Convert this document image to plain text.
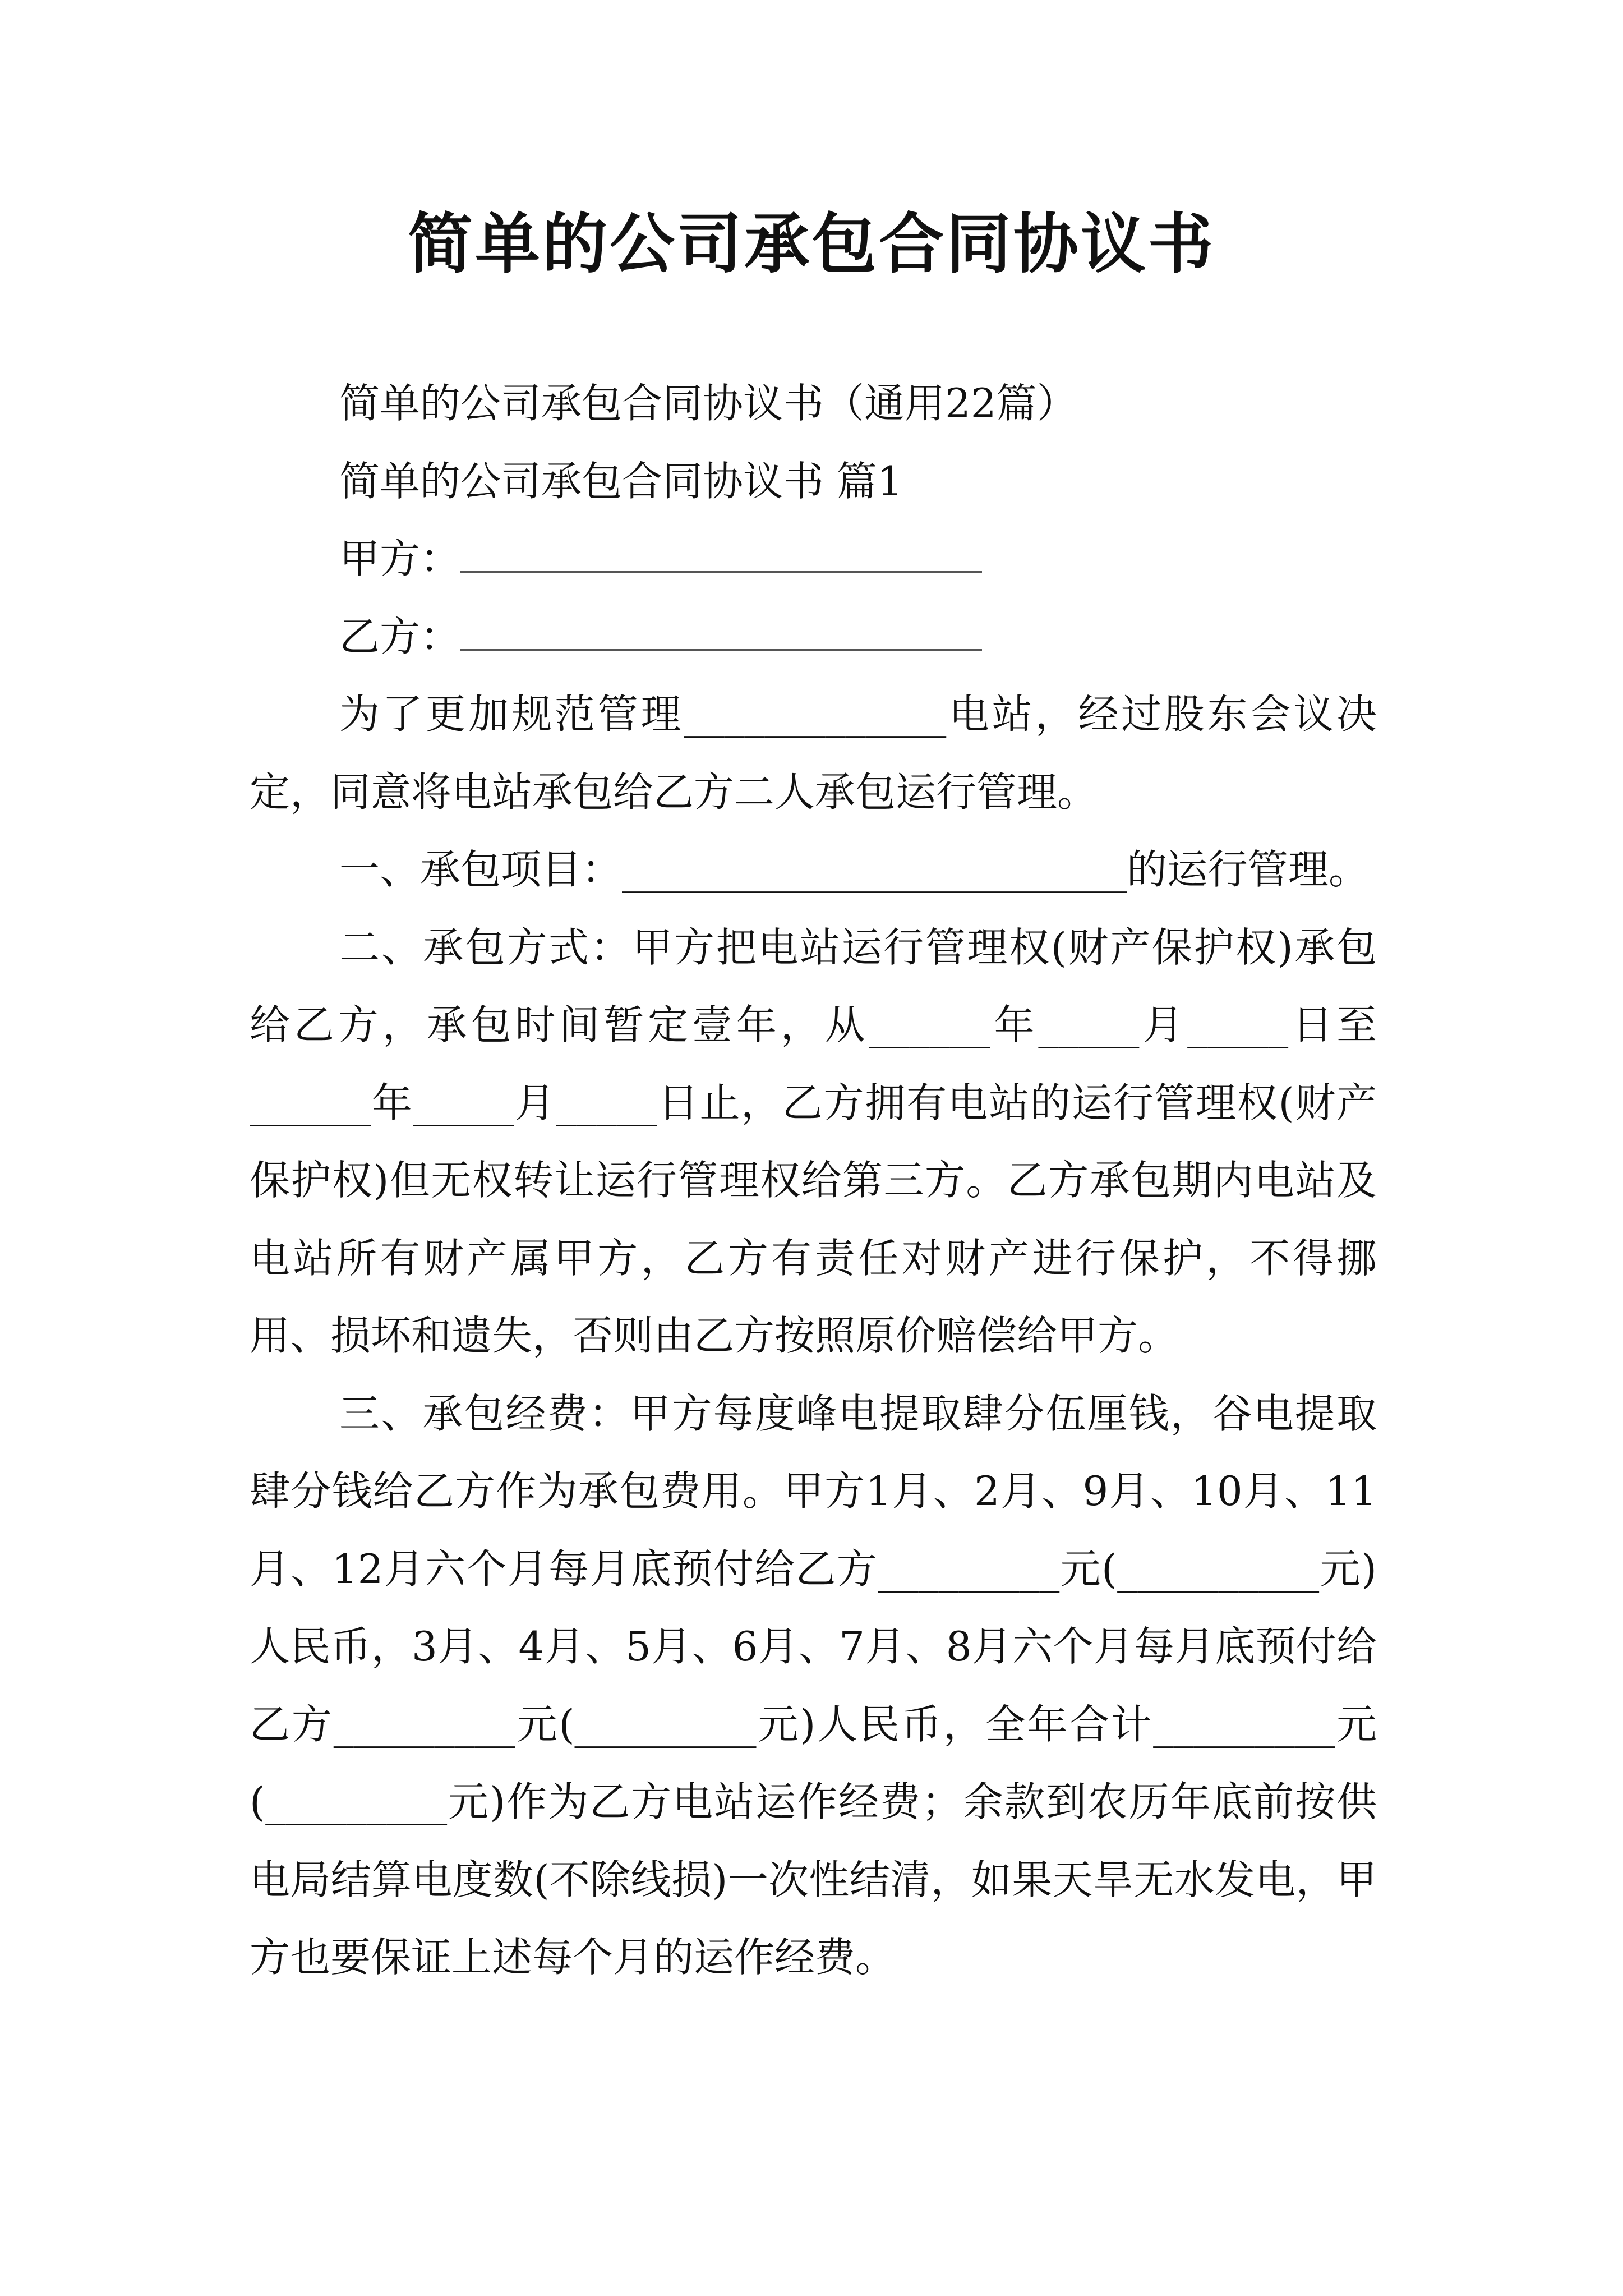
简单的公司承包合同协议书

简单的公司承包合同协议书（通用22篇）

简单的公司承包合同协议书 篇1

甲方：

乙方：

为了更加规范管理_____________电站，经过股东会议决定，同意将电站承包给乙方二人承包运行管理。

一、承包项目：_________________________的运行管理。

二、承包方式：甲方把电站运行管理权(财产保护权)承包给乙方，承包时间暂定壹年，从______年_____月_____日至______年_____月_____日止，乙方拥有电站的运行管理权(财产保护权)但无权转让运行管理权给第三方。乙方承包期内电站及电站所有财产属甲方，乙方有责任对财产进行保护，不得挪用、损坏和遗失，否则由乙方按照原价赔偿给甲方。

三、承包经费：甲方每度峰电提取肆分伍厘钱，谷电提取肆分钱给乙方作为承包费用。甲方1月、2月、9月、10月、11月、12月六个月每月底预付给乙方_________元(__________元)人民币，3月、4月、5月、6月、7月、8月六个月每月底预付给乙方_________元(_________元)人民币，全年合计_________元(_________元)作为乙方电站运作经费；余款到农历年底前按供电局结算电度数(不除线损)一次性结清，如果天旱无水发电，甲方也要保证上述每个月的运作经费。
